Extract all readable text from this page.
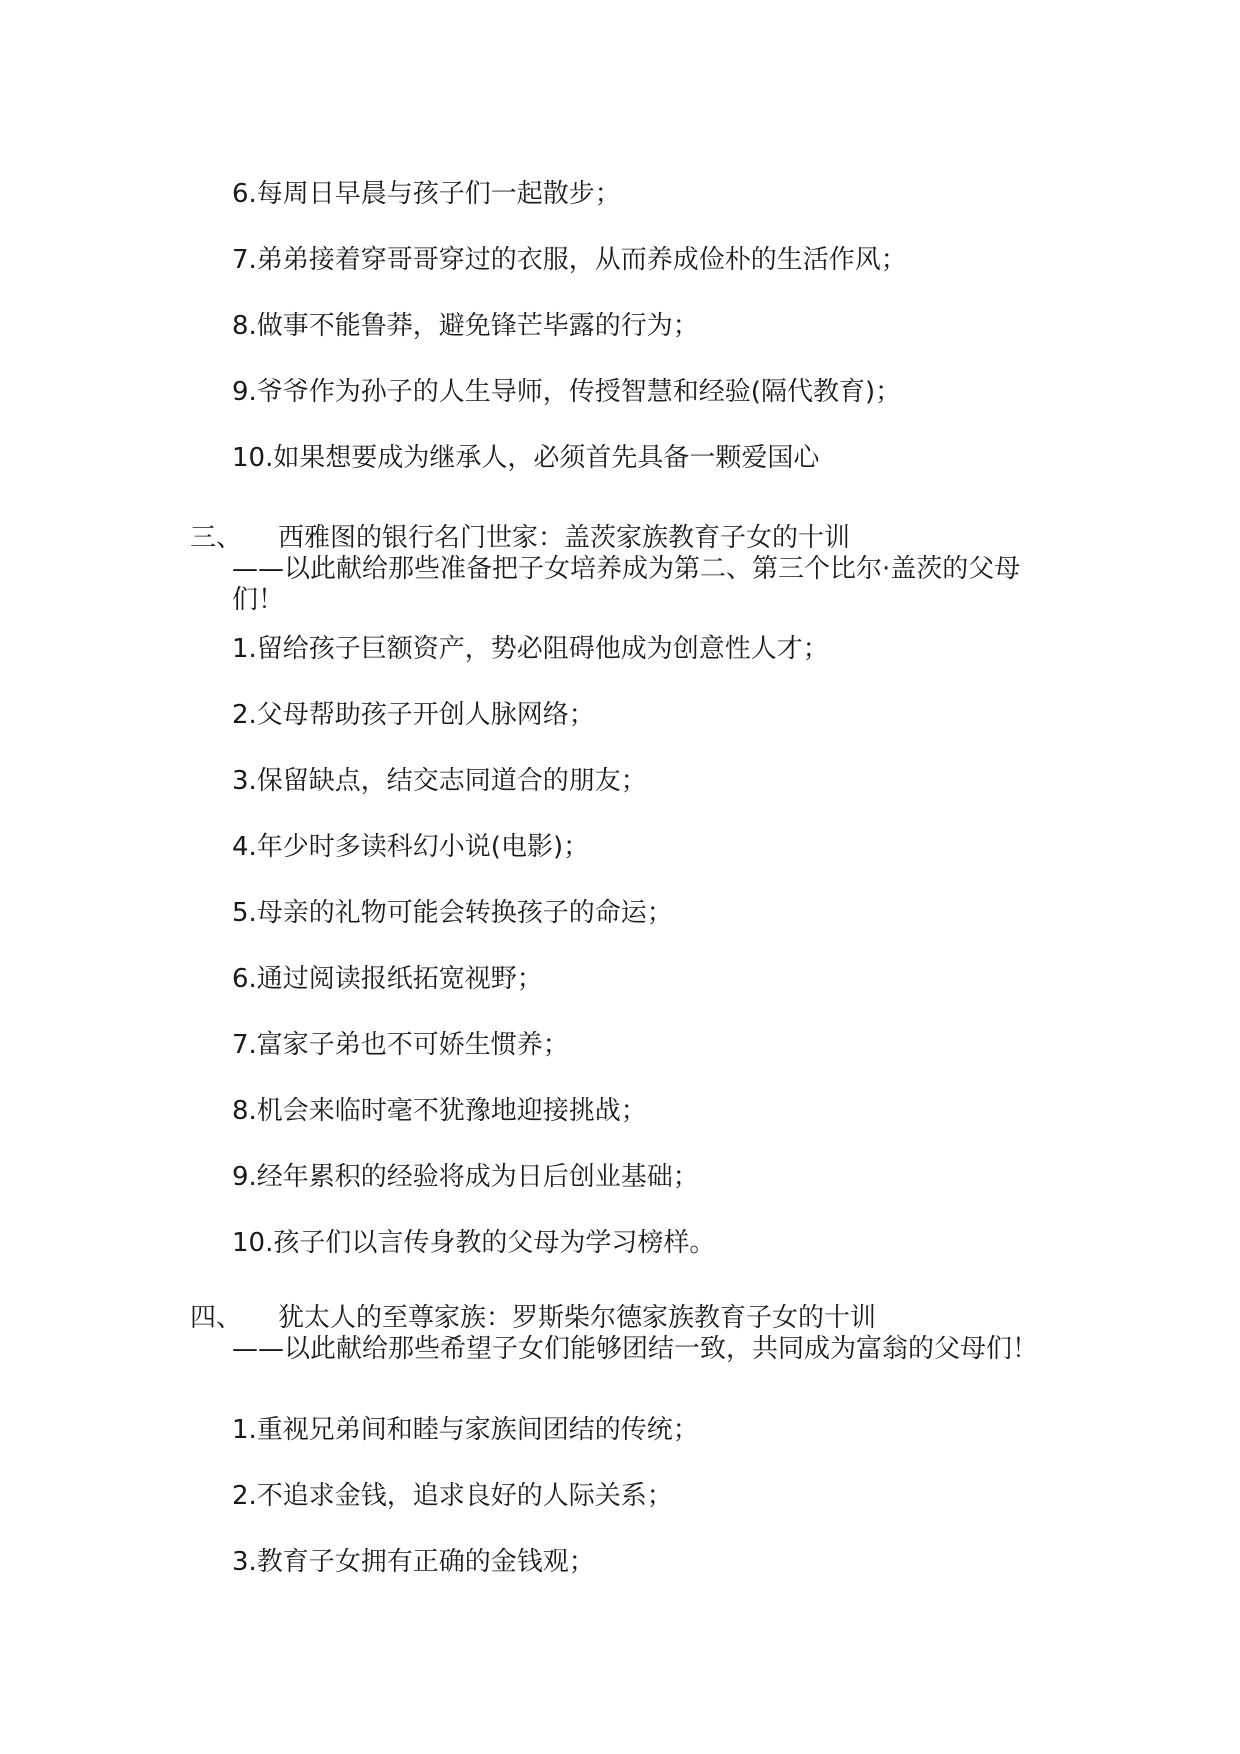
6.每周日早晨与孩子们一起散步；
7.弟弟接着穿哥哥穿过的衣服，从而养成俭朴的生活作风；
8.做事不能鲁莽，避免锋芒毕露的行为；
9.爷爷作为孙子的人生导师，传授智慧和经验(隔代教育)；
10.如果想要成为继承人，必须首先具备一颗爱国心
三、 西雅图的银行名门世家：盖茨家族教育子女的十训
——以此献给那些准备把子女培养成为第二、第三个比尔·盖茨的父母们！
1.留给孩子巨额资产，势必阻碍他成为创意性人才；
2.父母帮助孩子开创人脉网络；
3.保留缺点，结交志同道合的朋友；
4.年少时多读科幻小说(电影)；
5.母亲的礼物可能会转换孩子的命运；
6.通过阅读报纸拓宽视野；
7.富家子弟也不可娇生惯养；
8.机会来临时毫不犹豫地迎接挑战；
9.经年累积的经验将成为日后创业基础；
10.孩子们以言传身教的父母为学习榜样。
四、 犹太人的至尊家族：罗斯柴尔德家族教育子女的十训
——以此献给那些希望子女们能够团结一致，共同成为富翁的父母们！
1.重视兄弟间和睦与家族间团结的传统；
2.不追求金钱，追求良好的人际关系；
3.教育子女拥有正确的金钱观；
